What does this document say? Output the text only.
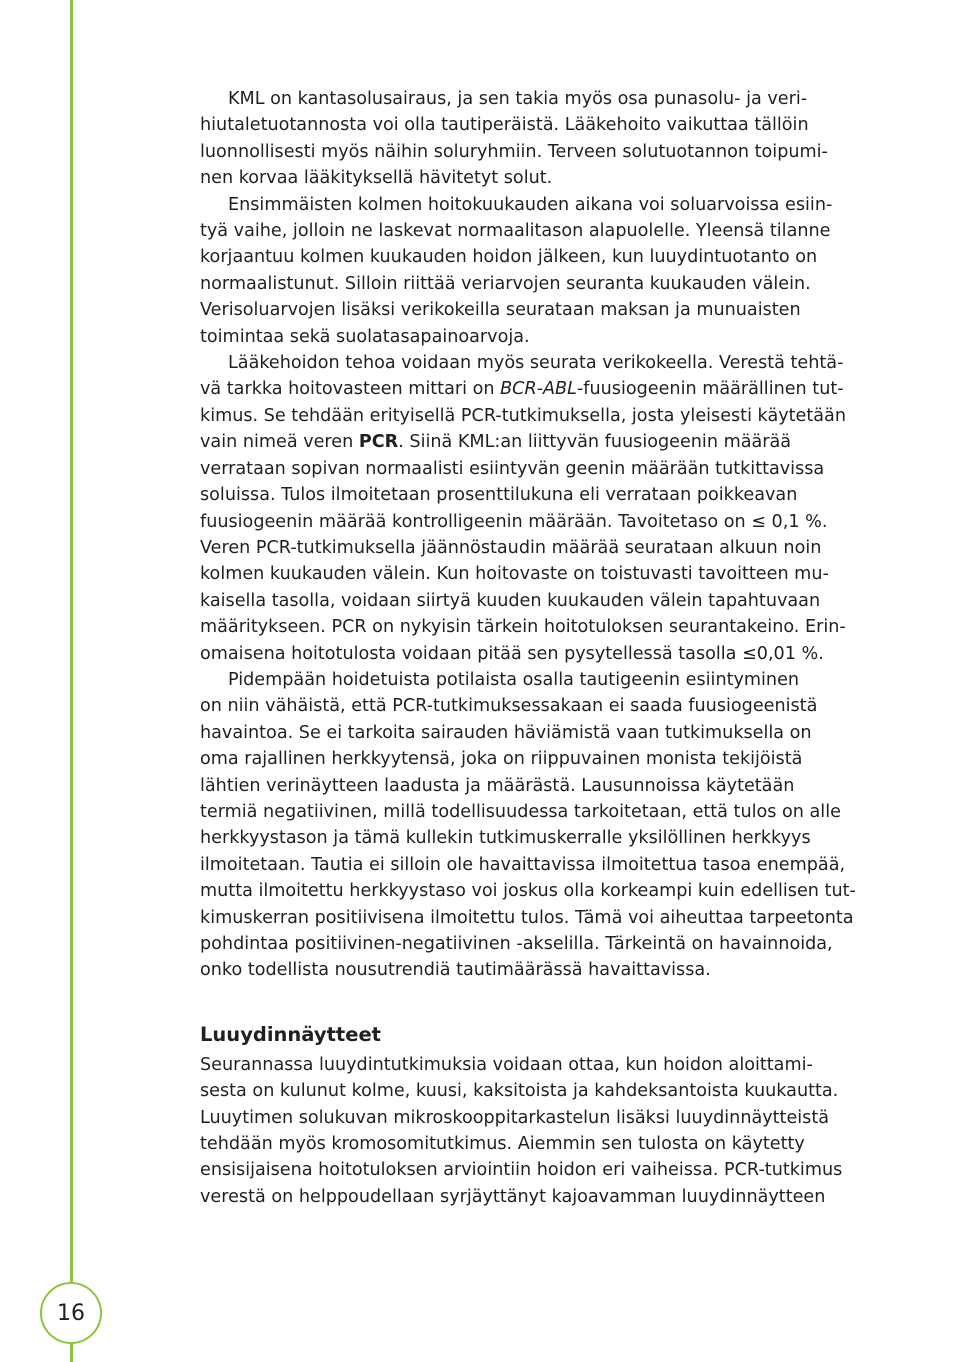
KML on kantasolusairaus, ja sen takia myös osa punasolu- ja veri-
hiutaletuotannosta voi olla tautiperäistä. Lääkehoito vaikuttaa tällöin
luonnollisesti myös näihin soluryhmiin. Terveen solutuotannon toipumi-
nen korvaa lääkityksellä hävitetyt solut.

Ensimmäisten kolmen hoitokuukauden aikana voi soluarvoissa esiin-
tyä vaihe, jolloin ne laskevat normaalitason alapuolelle. Yleensä tilanne
korjaantuu kolmen kuukauden hoidon jälkeen, kun luuydintuotanto on
normaalistunut. Silloin riittää veriarvojen seuranta kuukauden välein.
Verisoluarvojen lisäksi verikokeilla seurataan maksan ja munuaisten
toimintaa sekä suolatasapainoarvoja.

Lääkehoidon tehoa voidaan myös seurata verikokeella. Verestä tehtä-
vä tarkka hoitovasteen mittari on BCR-ABL-fuusiogeenin määrällinen tut-
kimus. Se tehdään erityisellä PCR-tutkimuksella, josta yleisesti käytetään
vain nimeä veren PCR. Siinä KML:an liittyvän fuusiogeenin määrää
verrataan sopivan normaalisti esiintyvän geenin määrään tutkittavissa
soluissa. Tulos ilmoitetaan prosenttilukuna eli verrataan poikkeavan
fuusiogeenin määrää kontrolligeenin määrään. Tavoitetaso on ≤ 0,1 %.
Veren PCR-tutkimuksella jäännöstaudin määrää seurataan alkuun noin
kolmen kuukauden välein. Kun hoitovaste on toistuvasti tavoitteen mu-
kaisella tasolla, voidaan siirtyä kuuden kuukauden välein tapahtuvaan
määritykseen. PCR on nykyisin tärkein hoitotuloksen seurantakeino. Erin-
omaisena hoitotulosta voidaan pitää sen pysytellessä tasolla ≤0,01 %.

Pidempään hoidetuista potilaista osalla tautigeenin esiintyminen
on niin vähäistä, että PCR-tutkimuksessakaan ei saada fuusiogeenistä
havaintoa. Se ei tarkoita sairauden häviämistä vaan tutkimuksella on
oma rajallinen herkkyytensä, joka on riippuvainen monista tekijöistä
lähtien verinäytteen laadusta ja määrästä. Lausunnoissa käytetään
termiä negatiivinen, millä todellisuudessa tarkoitetaan, että tulos on alle
herkkyystason ja tämä kullekin tutkimuskerralle yksilöllinen herkkyys
ilmoitetaan. Tautia ei silloin ole havaittavissa ilmoitettua tasoa enempää,
mutta ilmoitettu herkkyystaso voi joskus olla korkeampi kuin edellisen tut-
kimuskerran positiivisena ilmoitettu tulos. Tämä voi aiheuttaa tarpeetonta
pohdintaa positiivinen-negatiivinen -akselilla. Tärkeintä on havainnoida,
onko todellista nousutrendiä tautimäärässä havaittavissa.

Luuydinnäytteet

Seurannassa luuydintutkimuksia voidaan ottaa, kun hoidon aloittami-
sesta on kulunut kolme, kuusi, kaksitoista ja kahdeksantoista kuukautta.
Luuytimen solukuvan mikroskooppitarkastelun lisäksi luuydinnäytteistä
tehdään myös kromosomitutkimus. Aiemmin sen tulosta on käytetty
ensisijaisena hoitotuloksen arviointiin hoidon eri vaiheissa. PCR-tutkimus
verestä on helppoudellaan syrjäyttänyt kajoavamman luuydinnäytteen

16
